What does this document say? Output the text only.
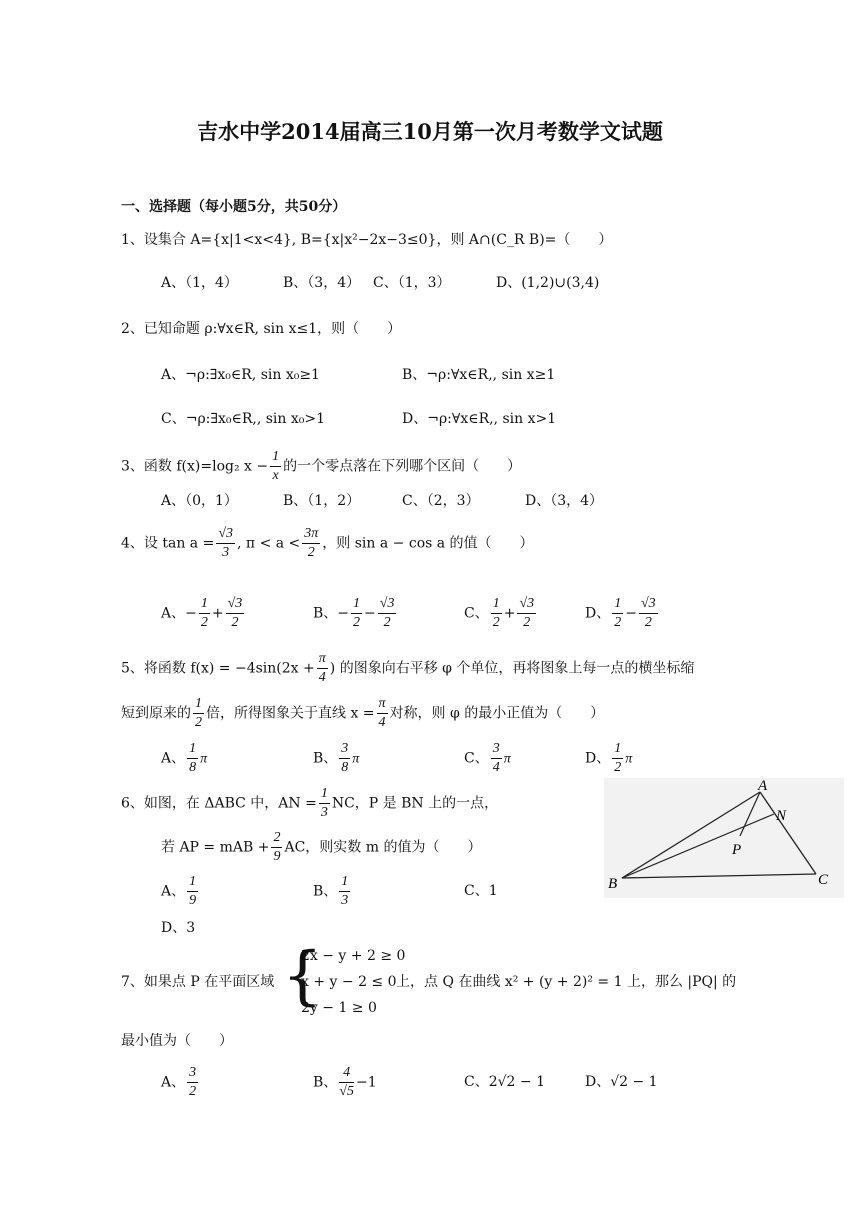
吉水中学2014届高三10月第一次月考数学文试题
一、选择题（每小题5分，共50分）
1、设集合 A={x|1<x<4}, B={x|x²−2x−3≤0}，则 A∩(C_R B)=（　　）
A、（1，4）	B、（3，4） C、（1，3）	D、(1,2)∪(3,4)
2、已知命题 ρ:∀x∈R, sin x≤1，则（　　）
A、¬ρ:∃x₀∈R, sin x₀≥1	B、¬ρ:∀x∈R,, sin x≥1
C、¬ρ:∃x₀∈R,, sin x₀>1	D、¬ρ:∀x∈R,, sin x>1
3、函数 f(x)=log₂ $x - \frac{1}{x}$ 的一个零点落在下列哪个区间（　　）
A、（0，1）	B、（1，2）	C、（2，3）	D、（3，4）
4、设 $\tan a = \frac{√3}{3}$ , $\pi < a < \frac{3\pi}{2}$ ，则 sin a − cos a 的值（　　）
A、− $\frac{1}{2} + \frac{√3}{2}$	B、− $\frac{1}{2} - \frac{√3}{2}$	C、 $\frac{1}{2} + \frac{√3}{2}$	D、 $\frac{1}{2} - \frac{√3}{2}$
5、将函数 $f(x) = -4\sin(2x + \frac{\pi}{4}$ ) 的图象向右平移 φ 个单位，再将图象上每一点的横坐标缩
短到原来的 $\frac{1}{2}$ 倍，所得图象关于直线 $x = \frac{\pi}{4}$ 对称，则 φ 的最小正值为（　　）
A、 $\frac{1}{8}$ π	B、 $\frac{3}{8}$ π	C、 $\frac{3}{4}$ π	D、 $\frac{1}{2}$ π
6、如图，在 ΔABC 中，AN = $\frac{1}{3}$ NC，P 是 BN 上的一点，
若 AP = mAB + $\frac{2}{9}$ AC，则实数 m 的值为（　　）
A、 $\frac{1}{9}$	B、 $\frac{1}{3}$	C、1
D、3
A
N
P
B	C
7、如果点 P 在平面区域 {
2x − y + 2 ≥ 0
x + y − 2 ≤ 0
2y − 1 ≥ 0
上，点 Q 在曲线 x² + (y + 2)² = 1 上，那么 |PQ| 的
最小值为（　　）
A、 $\frac{3}{2}$	B、 $\frac{4}{√5} -1$	C、2√2 − 1	D、√2 − 1
